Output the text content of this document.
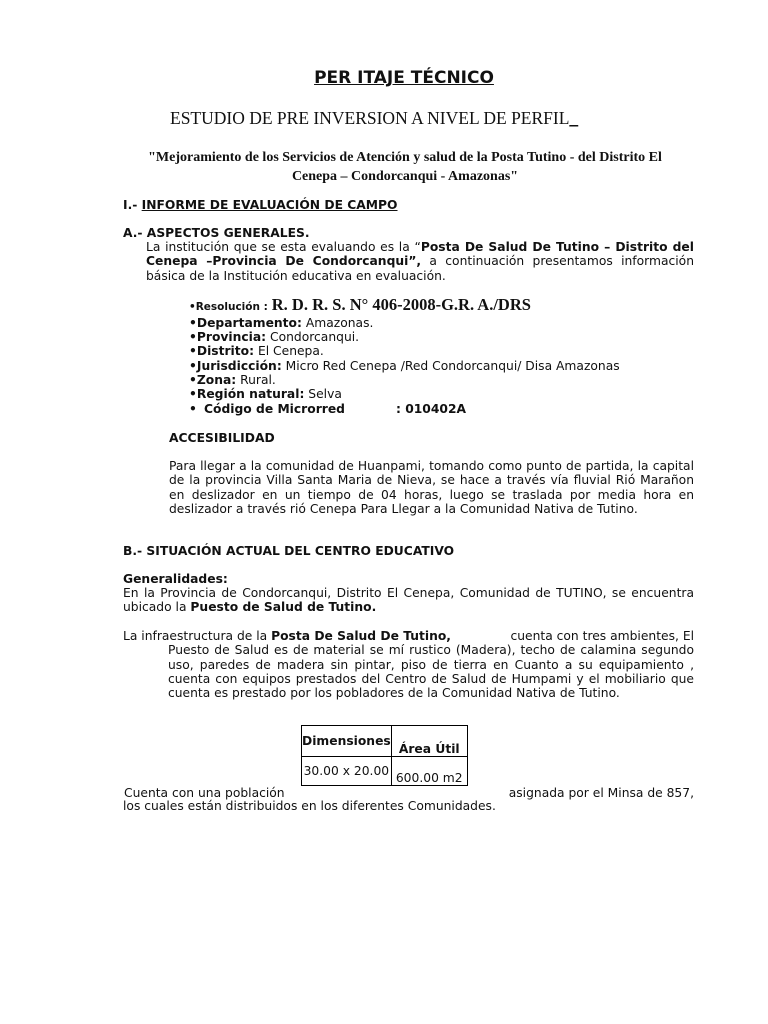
PER ITAJE TÉCNICO
ESTUDIO DE PRE INVERSION A NIVEL DE PERFIL_
"Mejoramiento de los Servicios de Atención y salud de la Posta Tutino - del Distrito El
Cenepa – Condorcanqui - Amazonas"
I.- INFORME DE EVALUACIÓN DE CAMPO
A.- ASPECTOS GENERALES.
La institución que se esta evaluando es la “Posta De Salud De Tutino – Distrito del Cenepa –Provincia De Condorcanqui”, a continuación presentamos información básica de la Institución educativa en evaluación.
•Resolución : R. D. R. S. N° 406-2008-G.R. A./DRS
•Departamento: Amazonas.
•Provincia: Condorcanqui.
•Distrito: El Cenepa.
•Jurisdicción: Micro Red Cenepa /Red Condorcanqui/ Disa Amazonas
•Zona: Rural.
•Región natural: Selva
• Código de Microrred	: 010402A
ACCESIBILIDAD
Para llegar a la comunidad de Huanpami, tomando como punto de partida, la capital de la provincia Villa Santa Maria de Nieva, se hace a través vía fluvial Rió Marañon en deslizador en un tiempo de 04 horas, luego se traslada por media hora en deslizador a través rió Cenepa Para Llegar a la Comunidad Nativa de Tutino.
B.- SITUACIÓN ACTUAL DEL CENTRO EDUCATIVO
Generalidades:
En la Provincia de Condorcanqui, Distrito El Cenepa, Comunidad de TUTINO, se encuentra ubicado la Puesto de Salud de Tutino.
La infraestructura de la Posta De Salud De Tutino,	cuenta con tres ambientes, El
Puesto de Salud es de material se mí rustico (Madera), techo de calamina segundo uso, paredes de madera sin pintar, piso de tierra en Cuanto a su equipamiento , cuenta con equipos prestados del Centro de Salud de Humpami y el mobiliario que cuenta es prestado por los pobladores de la Comunidad Nativa de Tutino.
Dimensiones	Área Útil
30.00 x 20.00	600.00 m2
Cuenta con una población	asignada por el Minsa de 857,
los cuales están distribuidos en los diferentes Comunidades.
